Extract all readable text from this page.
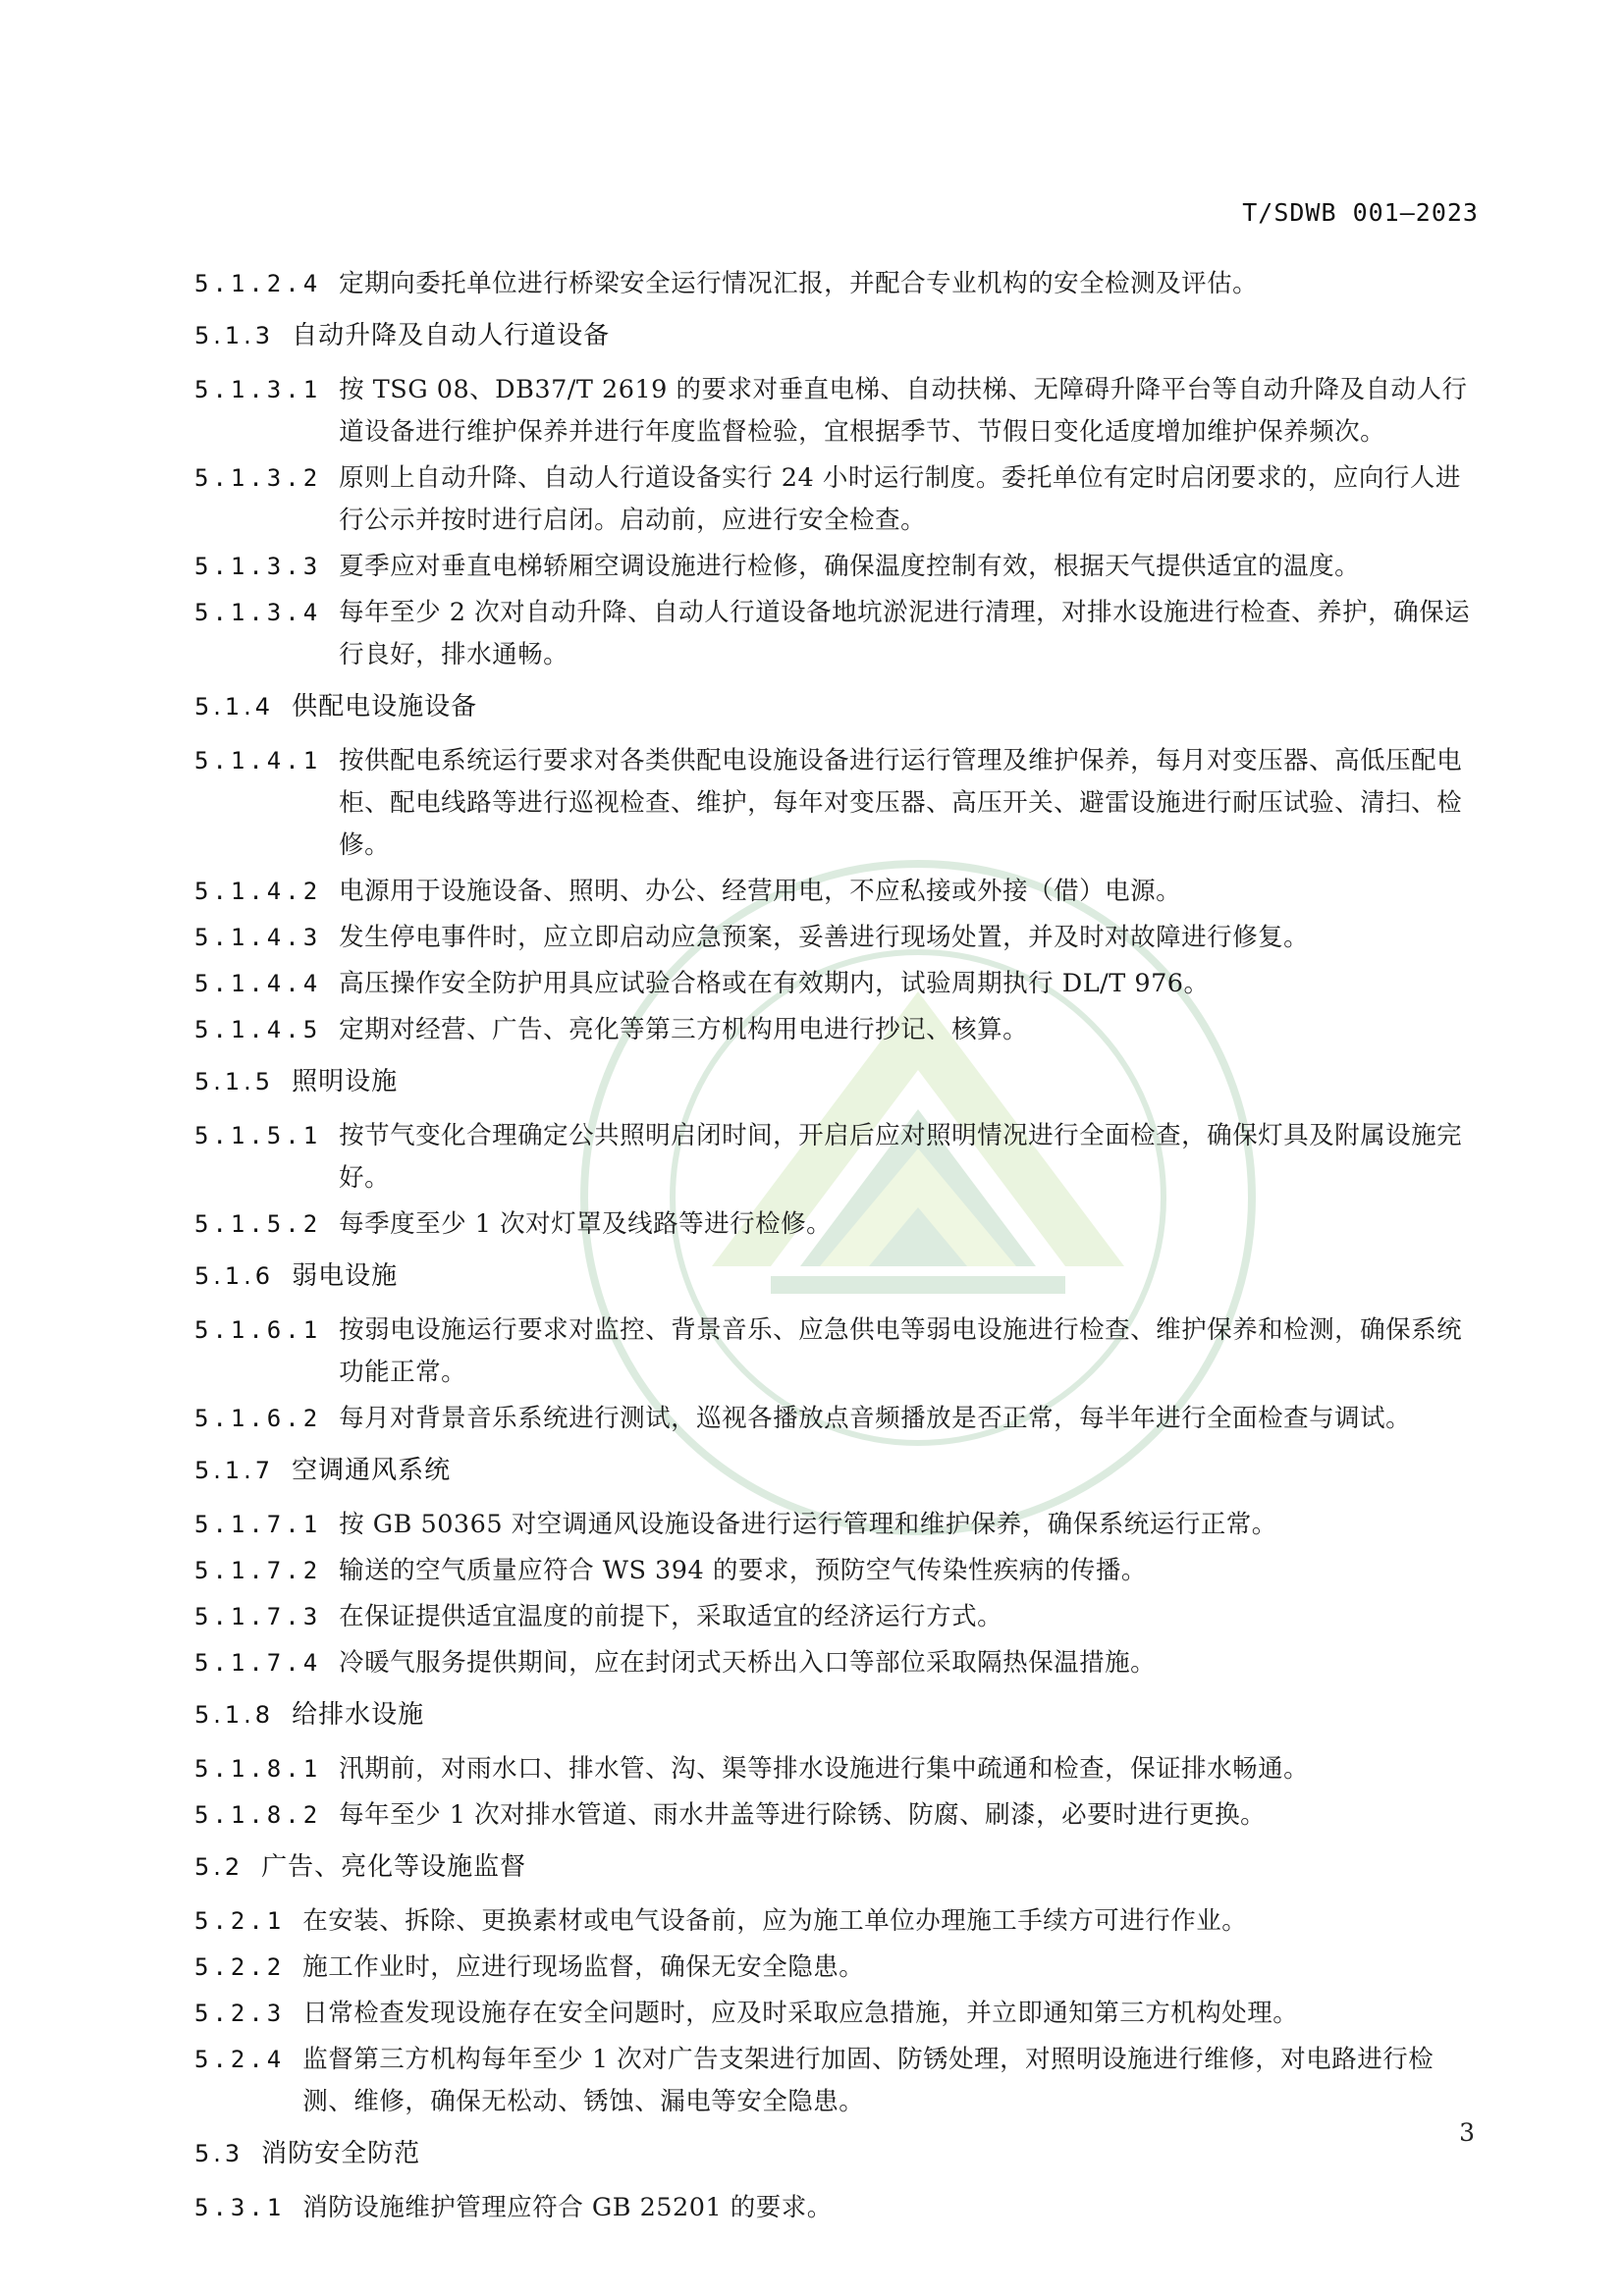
T/SDWB 001—2023
5.1.2.4 定期向委托单位进行桥梁安全运行情况汇报，并配合专业机构的安全检测及评估。
5.1.3 自动升降及自动人行道设备
5.1.3.1 按 TSG 08、DB37/T 2619 的要求对垂直电梯、自动扶梯、无障碍升降平台等自动升降及自动人行道设备进行维护保养并进行年度监督检验，宜根据季节、节假日变化适度增加维护保养频次。
5.1.3.2 原则上自动升降、自动人行道设备实行 24 小时运行制度。委托单位有定时启闭要求的，应向行人进行公示并按时进行启闭。启动前，应进行安全检查。
5.1.3.3 夏季应对垂直电梯轿厢空调设施进行检修，确保温度控制有效，根据天气提供适宜的温度。
5.1.3.4 每年至少 2 次对自动升降、自动人行道设备地坑淤泥进行清理，对排水设施进行检查、养护，确保运行良好，排水通畅。
5.1.4 供配电设施设备
5.1.4.1 按供配电系统运行要求对各类供配电设施设备进行运行管理及维护保养，每月对变压器、高低压配电柜、配电线路等进行巡视检查、维护，每年对变压器、高压开关、避雷设施进行耐压试验、清扫、检修。
5.1.4.2 电源用于设施设备、照明、办公、经营用电，不应私接或外接（借）电源。
5.1.4.3 发生停电事件时，应立即启动应急预案，妥善进行现场处置，并及时对故障进行修复。
5.1.4.4 高压操作安全防护用具应试验合格或在有效期内，试验周期执行 DL/T 976。
5.1.4.5 定期对经营、广告、亮化等第三方机构用电进行抄记、核算。
5.1.5 照明设施
5.1.5.1 按节气变化合理确定公共照明启闭时间，开启后应对照明情况进行全面检查，确保灯具及附属设施完好。
5.1.5.2 每季度至少 1 次对灯罩及线路等进行检修。
5.1.6 弱电设施
5.1.6.1 按弱电设施运行要求对监控、背景音乐、应急供电等弱电设施进行检查、维护保养和检测，确保系统功能正常。
5.1.6.2 每月对背景音乐系统进行测试，巡视各播放点音频播放是否正常，每半年进行全面检查与调试。
5.1.7 空调通风系统
5.1.7.1 按 GB 50365 对空调通风设施设备进行运行管理和维护保养，确保系统运行正常。
5.1.7.2 输送的空气质量应符合 WS 394 的要求，预防空气传染性疾病的传播。
5.1.7.3 在保证提供适宜温度的前提下，采取适宜的经济运行方式。
5.1.7.4 冷暖气服务提供期间，应在封闭式天桥出入口等部位采取隔热保温措施。
5.1.8 给排水设施
5.1.8.1 汛期前，对雨水口、排水管、沟、渠等排水设施进行集中疏通和检查，保证排水畅通。
5.1.8.2 每年至少 1 次对排水管道、雨水井盖等进行除锈、防腐、刷漆，必要时进行更换。
5.2 广告、亮化等设施监督
5.2.1 在安装、拆除、更换素材或电气设备前，应为施工单位办理施工手续方可进行作业。
5.2.2 施工作业时，应进行现场监督，确保无安全隐患。
5.2.3 日常检查发现设施存在安全问题时，应及时采取应急措施，并立即通知第三方机构处理。
5.2.4 监督第三方机构每年至少 1 次对广告支架进行加固、防锈处理，对照明设施进行维修，对电路进行检测、维修，确保无松动、锈蚀、漏电等安全隐患。
5.3 消防安全防范
5.3.1 消防设施维护管理应符合 GB 25201 的要求。
3
